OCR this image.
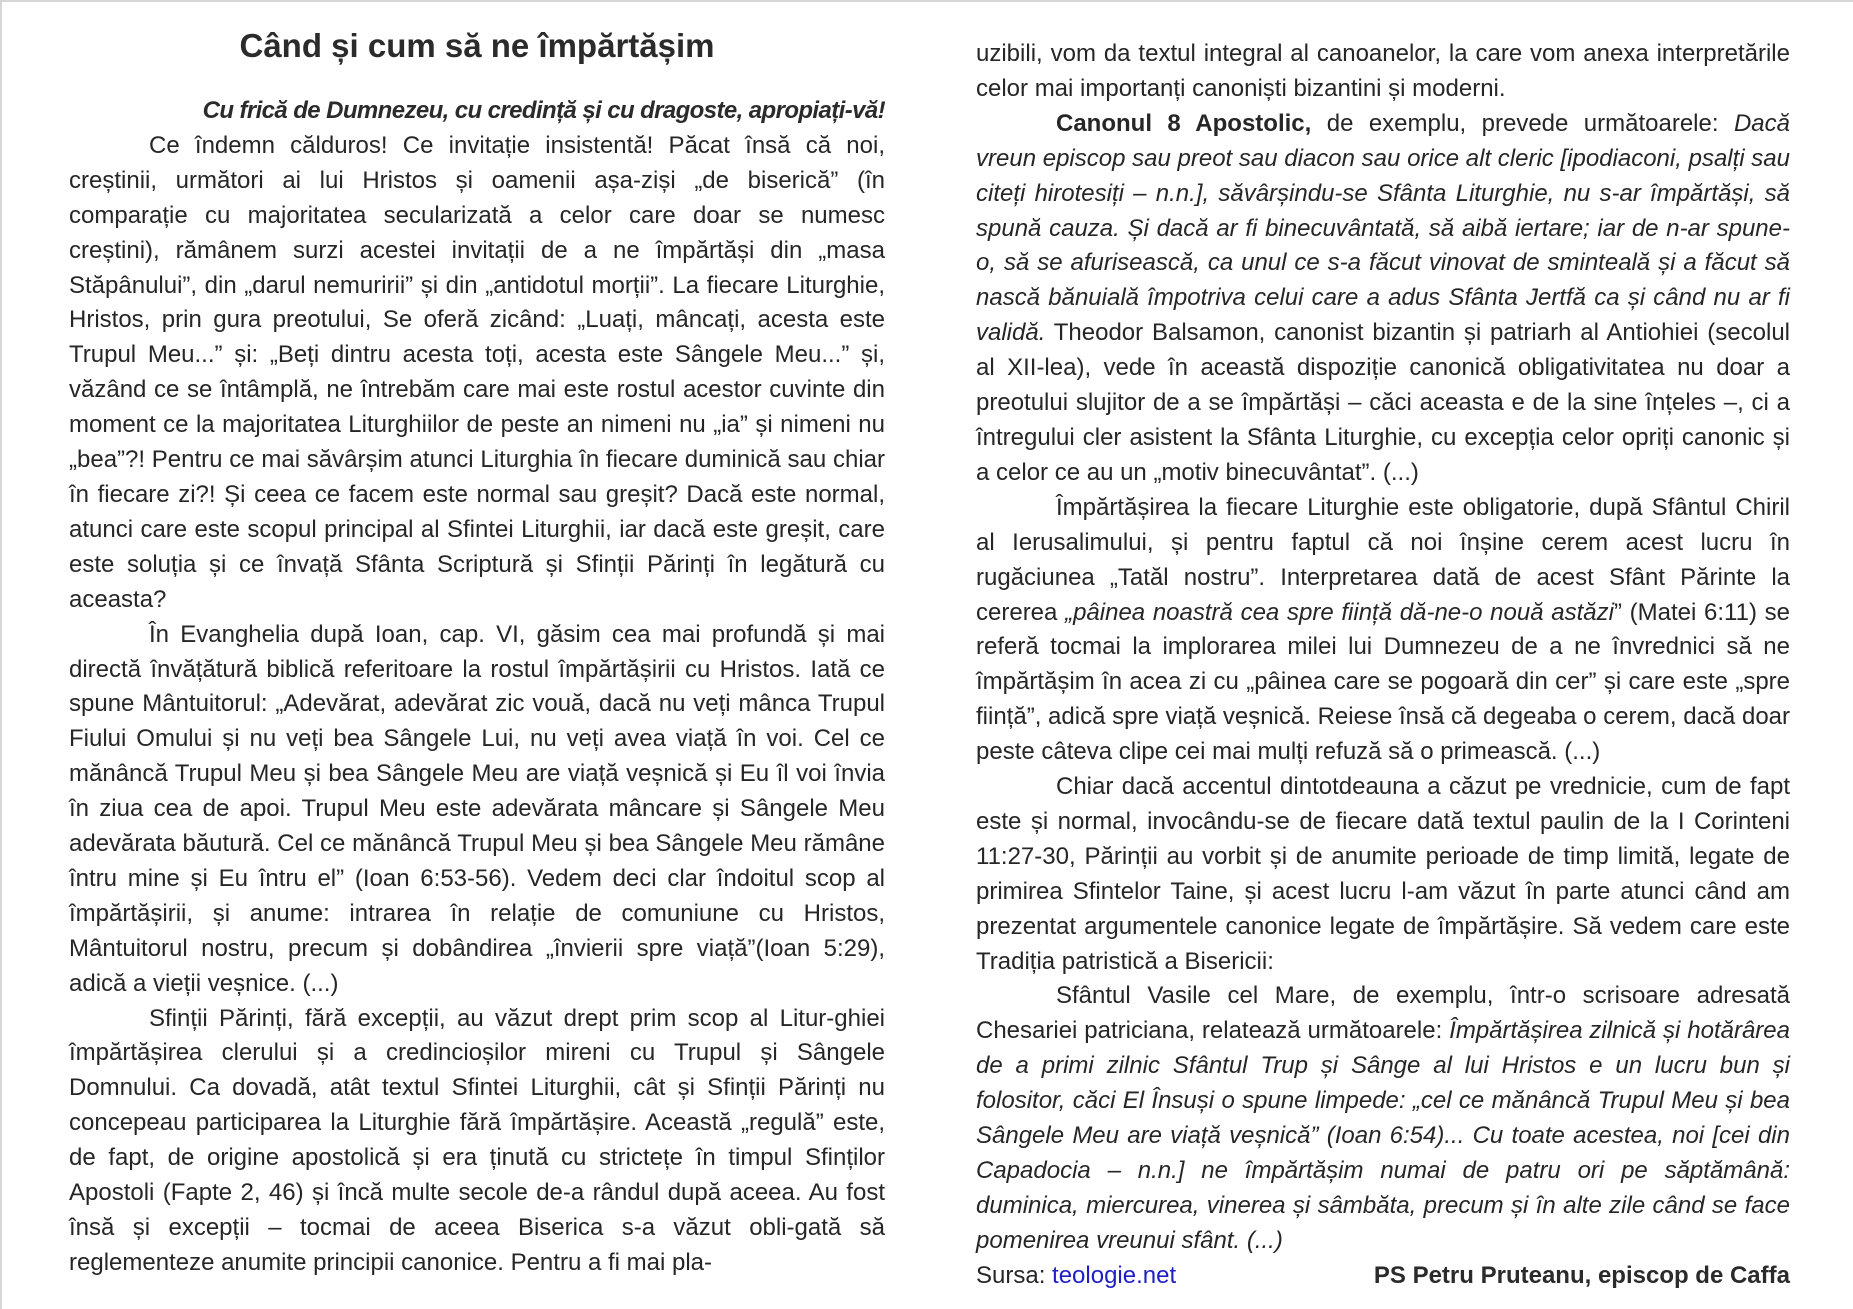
Când și cum să ne împărtășim

Cu frică de Dumnezeu, cu credință și cu dragoste, apropiați-vă!

Ce îndemn călduros! Ce invitație insistentă! Păcat însă că noi, creștinii, următori ai lui Hristos și oamenii așa-ziși „de biserică” (în comparație cu majoritatea secularizată a celor care doar se numesc creștini), rămânem surzi acestei invitații de a ne împărtăși din „masa Stăpânului”, din „darul nemuririi” și din „antidotul morții”. La fiecare Liturghie, Hristos, prin gura preotului, Se oferă zicând: „Luați, mâncați, acesta este Trupul Meu...” și: „Beți dintru acesta toți, acesta este Sângele Meu...” și, văzând ce se întâmplă, ne întrebăm care mai este rostul acestor cuvinte din moment ce la majoritatea Liturghiilor de peste an nimeni nu „ia” și nimeni nu „bea”?! Pentru ce mai săvârșim atunci Liturghia în fiecare duminică sau chiar în fiecare zi?! Și ceea ce facem este normal sau greșit? Dacă este normal, atunci care este scopul principal al Sfintei Liturghii, iar dacă este greșit, care este soluția și ce învață Sfânta Scriptură și Sfinții Părinți în legătură cu aceasta?

În Evanghelia după Ioan, cap. VI, găsim cea mai profundă și mai directă învățătură biblică referitoare la rostul împărtășirii cu Hristos. Iată ce spune Mântuitorul: „Adevărat, adevărat zic vouă, dacă nu veți mânca Trupul Fiului Omului și nu veți bea Sângele Lui, nu veți avea viață în voi. Cel ce mănâncă Trupul Meu și bea Sângele Meu are viață veșnică și Eu îl voi învia în ziua cea de apoi. Trupul Meu este adevărata mâncare și Sângele Meu adevărata băutură. Cel ce mănâncă Trupul Meu și bea Sângele Meu rămâne întru mine și Eu întru el” (Ioan 6:53-56). Vedem deci clar îndoitul scop al împărtășirii, și anume: intrarea în relație de comuniune cu Hristos, Mântuitorul nostru, precum și dobândirea „învierii spre viață”(Ioan 5:29), adică a vieții veșnice. (...)

Sfinții Părinți, fără excepții, au văzut drept prim scop al Litur-ghiei împărtășirea clerului și a credincioșilor mireni cu Trupul și Sângele Domnului. Ca dovadă, atât textul Sfintei Liturghii, cât și Sfinții Părinți nu concepeau participarea la Liturghie fără împărtășire. Această „regulă” este, de fapt, de origine apostolică și era ținută cu strictețe în timpul Sfinților Apostoli (Fapte 2, 46) și încă multe secole de-a rândul după aceea. Au fost însă și excepții – tocmai de aceea Biserica s-a văzut obli-gată să reglementeze anumite principii canonice. Pentru a fi mai pla-

uzibili, vom da textul integral al canoanelor, la care vom anexa interpretările celor mai importanți canoniști bizantini și moderni.

Canonul 8 Apostolic, de exemplu, prevede următoarele: Dacă vreun episcop sau preot sau diacon sau orice alt cleric [ipodiaconi, psalți sau citeți hirotesiți – n.n.], săvârșindu-se Sfânta Liturghie, nu s-ar împărtăși, să spună cauza. Și dacă ar fi binecuvântată, să aibă iertare; iar de n-ar spune-o, să se afurisească, ca unul ce s-a făcut vinovat de sminteală și a făcut să nască bănuială împotriva celui care a adus Sfânta Jertfă ca și când nu ar fi validă. Theodor Balsamon, canonist bizantin și patriarh al Antiohiei (secolul al XII-lea), vede în această dispoziție canonică obligativitatea nu doar a preotului slujitor de a se împărtăși – căci aceasta e de la sine înțeles –, ci a întregului cler asistent la Sfânta Liturghie, cu excepția celor opriți canonic și a celor ce au un „motiv binecuvântat”. (...)

Împărtășirea la fiecare Liturghie este obligatorie, după Sfântul Chiril al Ierusalimului, și pentru faptul că noi înșine cerem acest lucru în rugăciunea „Tatăl nostru”. Interpretarea dată de acest Sfânt Părinte la cererea „pâinea noastră cea spre ființă dă-ne-o nouă astăzi” (Matei 6:11) se referă tocmai la implorarea milei lui Dumnezeu de a ne învrednici să ne împărtășim în acea zi cu „pâinea care se pogoară din cer” și care este „spre ființă”, adică spre viață veșnică. Reiese însă că degeaba o cerem, dacă doar peste câteva clipe cei mai mulți refuză să o primească. (...)

Chiar dacă accentul dintotdeauna a căzut pe vrednicie, cum de fapt este și normal, invocându-se de fiecare dată textul paulin de la I Corinteni 11:27-30, Părinții au vorbit și de anumite perioade de timp limită, legate de primirea Sfintelor Taine, și acest lucru l-am văzut în parte atunci când am prezentat argumentele canonice legate de împărtășire. Să vedem care este Tradiția patristică a Bisericii:

Sfântul Vasile cel Mare, de exemplu, într-o scrisoare adresată Chesariei patriciana, relatează următoarele: Împărtășirea zilnică și hotărârea de a primi zilnic Sfântul Trup și Sânge al lui Hristos e un lucru bun și folositor, căci El Însuși o spune limpede: „cel ce mănâncă Trupul Meu și bea Sângele Meu are viață veșnică” (Ioan 6:54)... Cu toate acestea, noi [cei din Capadocia – n.n.] ne împărtășim numai de patru ori pe săptămână: duminica, miercurea, vinerea și sâmbăta, precum și în alte zile când se face pomenirea vreunui sfânt. (...)

Sursa: teologie.net	PS Petru Pruteanu, episcop de Caffa
